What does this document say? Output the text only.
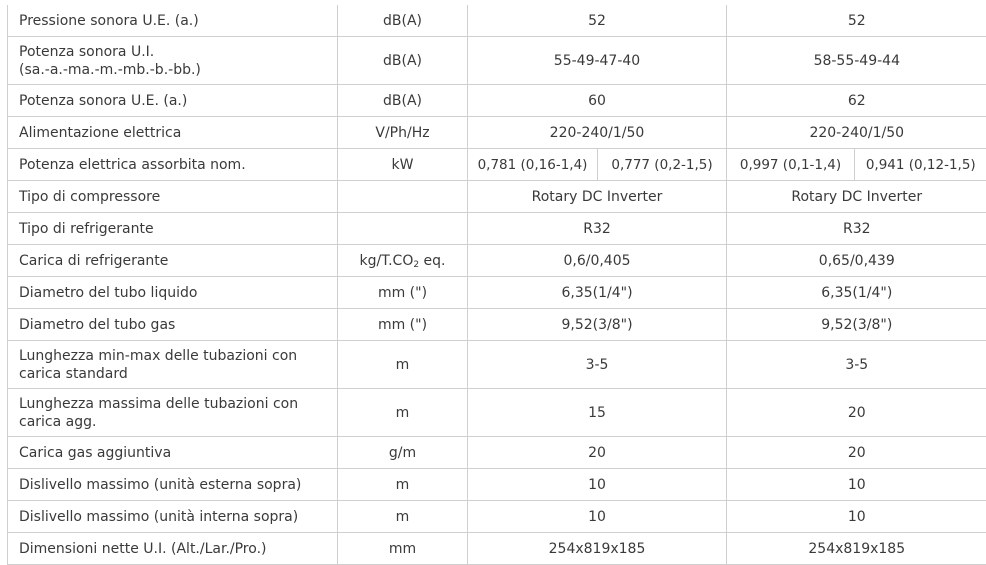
Pressione sonora U.E. (a.)	dB(A)	52		52	

Potenza sonora U.I.
(sa.-a.-ma.-m.-mb.-b.-bb.)	dB(A)	55-49-47-40		58-55-49-44	
Potenza sonora U.E. (a.)	dB(A)	60		62	
Alimentazione elettrica	V/Ph/Hz	220-240/1/50		220-240/1/50	
Potenza elettrica assorbita nom.	kW	0,781 (0,16-1,4)	0,777 (0,2-1,5)	0,997 (0,1-1,4)	0,941 (0,12-1,5)
Tipo di compressore		Rotary DC Inverter		Rotary DC Inverter	
Tipo di refrigerante		R32		R32	
Carica di refrigerante	$kg/T.CO_2$ eq.	0,6/0,405		0,65/0,439	
Diametro del tubo liquido	mm (")	6,35(1/4")		6,35(1/4")	
Diametro del tubo gas	mm (")	9,52(3/8")		9,52(3/8")	

Lunghezza min-max delle tubazioni con
carica standard	m	3-5		3-5	

Lunghezza massima delle tubazioni con
carica agg.	m	15		20	
Carica gas aggiuntiva	g/m	20		20	
Dislivello massimo (unità esterna sopra)	m	10		10	
Dislivello massimo (unità interna sopra)	m	10		10	
Dimensioni nette U.I. (Alt./Lar./Pro.)	mm	254x819x185		254x819x185	
